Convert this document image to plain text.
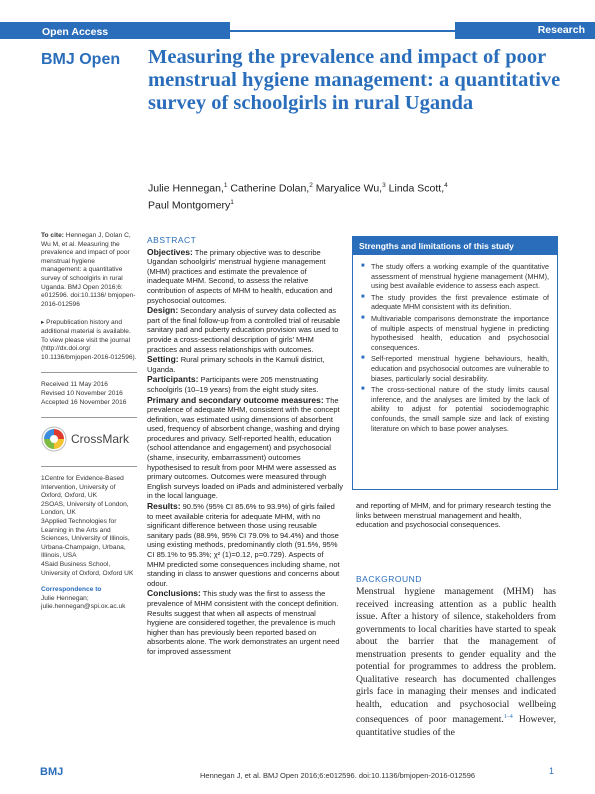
Open Access	Research
BMJ Open Measuring the prevalence and impact of poor menstrual hygiene management: a quantitative survey of schoolgirls in rural Uganda
Julie Hennegan,$^1$ Catherine Dolan,$^2$ Maryalice Wu,$^3$ Linda Scott,$^4$
Paul Montgomery$^1$

To cite: Hennegan J, Dolan C, Wu M, et al. Measuring the prevalence and impact of poor menstrual hygiene management: a quantitative survey of schoolgirls in rural Uganda. BMJ Open 2016;6: e012596. doi:10.1136/ bmjopen-2016-012596

▸ Prepublication history and additional material is available. To view please visit the journal (http://dx.doi.org/ 10.1136/bmjopen-2016-012596).

Received 11 May 2016
Revised 10 November 2016
Accepted 16 November 2016
CrossMark
1Centre for Evidence-Based Intervention, University of Oxford, Oxford, UK
2SOAS, University of London, London, UK
3Applied Technologies for Learning in the Arts and Sciences, University of Illinois, Urbana-Champaign, Urbana, Illinois, USA
4Said Business School, University of Oxford, Oxford UK
Correspondence to
Julie Hennegan;
julie.hennegan@spi.ox.ac.uk
ABSTRACT

Objectives: The primary objective was to describe Ugandan schoolgirls' menstrual hygiene management (MHM) practices and estimate the prevalence of inadequate MHM. Second, to assess the relative contribution of aspects of MHM to health, education and psychosocial outcomes.

Design: Secondary analysis of survey data collected as part of the final follow-up from a controlled trial of reusable sanitary pad and puberty education provision was used to provide a cross-sectional description of girls' MHM practices and assess relationships with outcomes.

Setting: Rural primary schools in the Kamuli district, Uganda.

Participants: Participants were 205 menstruating schoolgirls (10–19 years) from the eight study sites.

Primary and secondary outcome measures: The prevalence of adequate MHM, consistent with the concept definition, was estimated using dimensions of absorbent used, frequency of absorbent change, washing and drying procedures and privacy. Self-reported health, education (school attendance and engagement) and psychosocial (shame, insecurity, embarrassment) outcomes hypothesised to result from poor MHM were assessed as primary outcomes. Outcomes were measured through English surveys loaded on iPads and administered verbally in the local language.

Results: 90.5% (95% CI 85.6% to 93.9%) of girls failed to meet available criteria for adequate MHM, with no significant difference between those using reusable sanitary pads (88.9%, 95% CI 79.0% to 94.4%) and those using existing methods, predominantly cloth (91.5%, 95% CI 85.1% to 95.3%; χ² (1)=0.12, p=0.729). Aspects of MHM predicted some consequences including shame, not standing in class to answer questions and concerns about odour.

Conclusions: This study was the first to assess the prevalence of MHM consistent with the concept definition. Results suggest that when all aspects of menstrual hygiene are considered together, the prevalence is much higher than has previously been reported based on absorbents alone. The work demonstrates an urgent need for improved assessment

Strengths and limitations of this study
■ The study offers a working example of the quantitative assessment of menstrual hygiene management (MHM), using best available evidence to assess each aspect.
■ The study provides the first prevalence estimate of adequate MHM consistent with its definition.
■ Multivariable comparisons demonstrate the importance of multiple aspects of menstrual hygiene in predicting hypothesised health, education and psychosocial consequences.
■ Self-reported menstrual hygiene behaviours, health, education and psychosocial outcomes are vulnerable to biases, particularly social desirability.
■ The cross-sectional nature of the study limits causal inference, and the analyses are limited by the lack of ability to adjust for potential sociodemographic confounds, the small sample size and lack of existing literature on which to base power analyses.
and reporting of MHM, and for primary research testing the links between menstrual management and health, education and psychosocial consequences.
BACKGROUND

Menstrual hygiene management (MHM) has received increasing attention as a public health issue. After a history of silence, stakeholders from governments to local charities have started to speak about the barrier that the management of menstruation presents to gender equality and the potential for programmes to address the problem. Qualitative research has documented challenges girls face in managing their menses and indicated health, education and psychosocial wellbeing consequences of poor management.$^{1-4}$ However, quantitative studies of the

BMJ	Hennegan J, et al. BMJ Open 2016;6:e012596. doi:10.1136/bmjopen-2016-012596	1
